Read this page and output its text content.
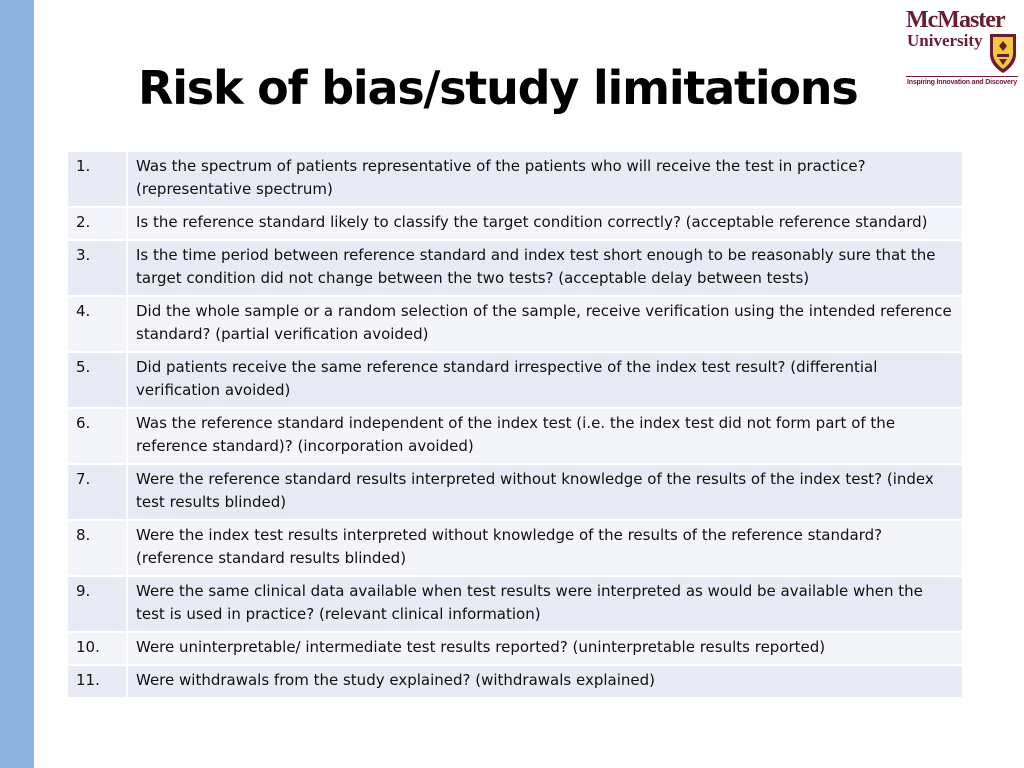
Risk of bias/study limitations
McMaster
University
Inspiring Innovation and Discovery
1.	Was the spectrum of patients representative of the patients who will receive the test in practice? (representative spectrum)
2.	Is the reference standard likely to classify the target condition correctly? (acceptable reference standard)
3.	Is the time period between reference standard and index test short enough to be reasonably sure that the target condition did not change between the two tests? (acceptable delay between tests)
4.	Did the whole sample or a random selection of the sample, receive verification using the intended reference standard? (partial verification avoided)
5.	Did patients receive the same reference standard irrespective of the index test result? (differential verification avoided)
6.	Was the reference standard independent of the index test (i.e. the index test did not form part of the reference standard)? (incorporation avoided)
7.	Were the reference standard results interpreted without knowledge of the results of the index test? (index test results blinded)
8.	Were the index test results interpreted without knowledge of the results of the reference standard? (reference standard results blinded)
9.	Were the same clinical data available when test results were interpreted as would be available when the test is used in practice? (relevant clinical information)
10.	Were uninterpretable/ intermediate test results reported? (uninterpretable results reported)
11.	Were withdrawals from the study explained? (withdrawals explained)
